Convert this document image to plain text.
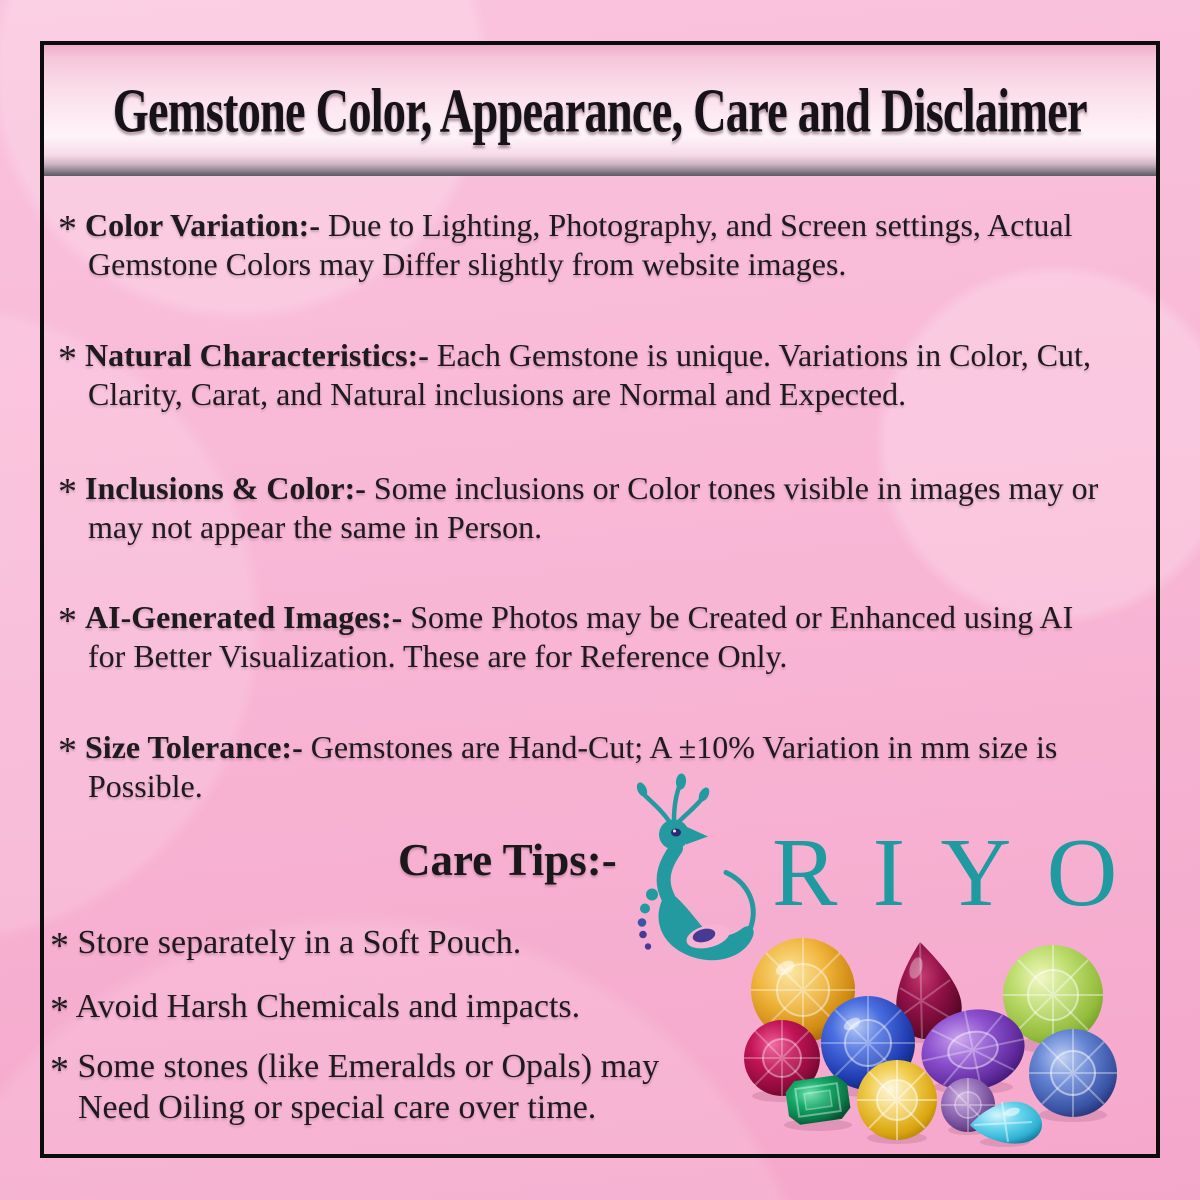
Gemstone Color, Appearance, Care and Disclaimer

* Color Variation:- Due to Lighting, Photography, and Screen settings, Actual Gemstone Colors may Differ slightly from website images.

* Natural Characteristics:- Each Gemstone is unique. Variations in Color, Cut, Clarity, Carat, and Natural inclusions are Normal and Expected.

* Inclusions & Color:- Some inclusions or Color tones visible in images may or may not appear the same in Person.

* AI-Generated Images:- Some Photos may be Created or Enhanced using AI for Better Visualization. These are for Reference Only.

* Size Tolerance:- Gemstones are Hand-Cut; A ±10% Variation in mm size is Possible.

Care Tips:- RIYO

* Store separately in a Soft Pouch.

* Avoid Harsh Chemicals and impacts.

* Some stones (like Emeralds or Opals) may Need Oiling or special care over time.
